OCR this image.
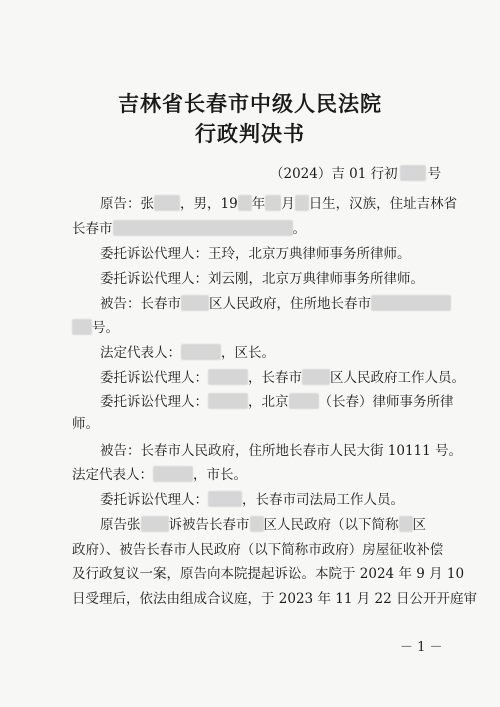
吉林省长春市中级人民法院
行政判决书
（2024）吉 01 行初 号
原告：张 ，男，19 年 月 日生，汉族，住址吉林省
长春市	。
委托诉讼代理人：王玲，北京万典律师事务所律师。
委托诉讼代理人：刘云刚，北京万典律师事务所律师。
被告：长春市 区人民政府，住所地长春市
号。
法定代表人：	，区长。
委托诉讼代理人：	，长春市 区人民政府工作人员。
委托诉讼代理人：	，北京 （长春）律师事务所律
师。
被告：长春市人民政府，住所地长春市人民大街 10111 号。
法定代表人：	，市长。
委托诉讼代理人：	，长春市司法局工作人员。
原告张 诉被告长春市 区人民政府（以下简称 区
政府）、被告长春市人民政府（以下简称市政府）房屋征收补偿
及行政复议一案，原告向本院提起诉讼。本院于 2024 年 9 月 10
日受理后，依法由组成合议庭，于 2023 年 11 月 22 日公开开庭审
－ 1 －
